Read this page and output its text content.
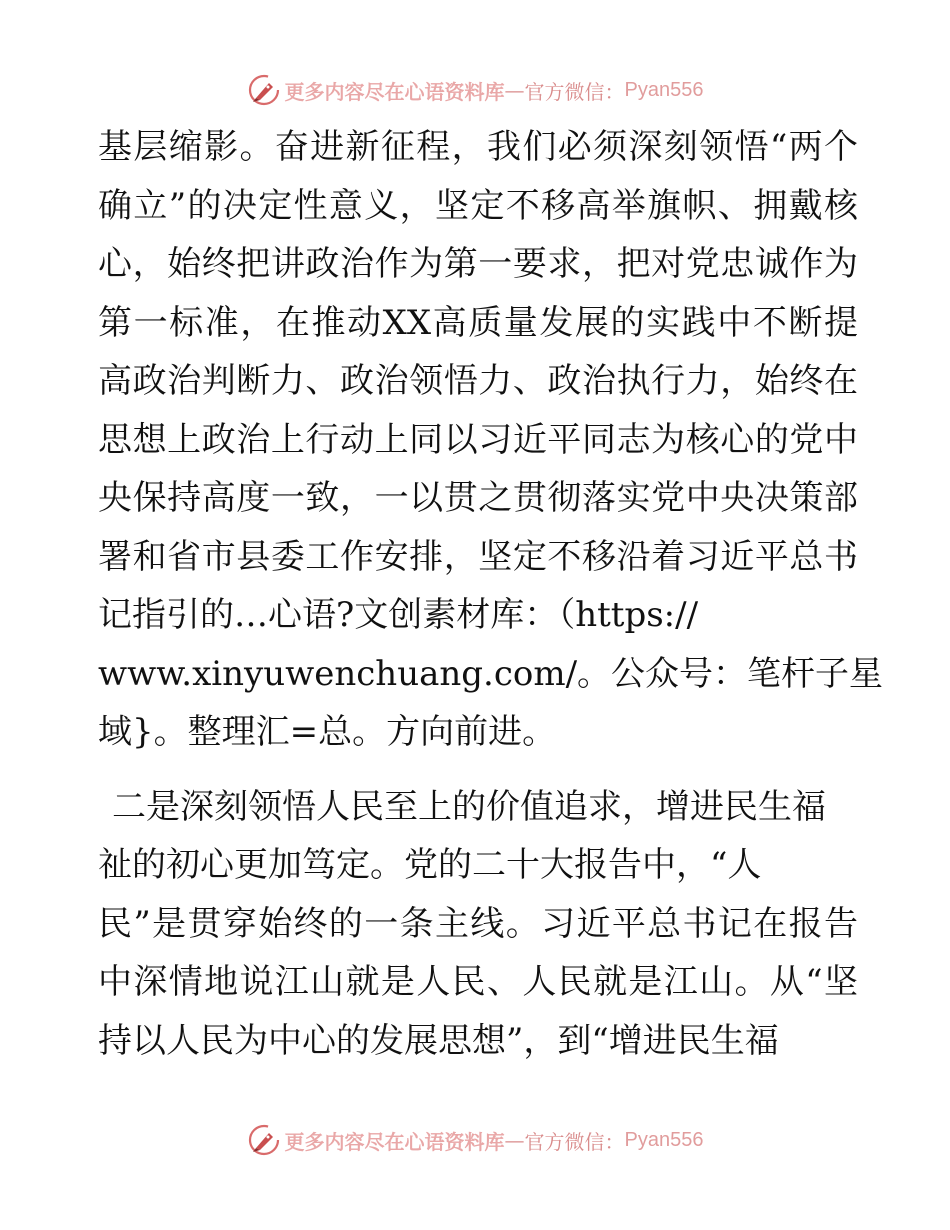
更多内容尽在心语资料库 — 官方微信： Pyan556
基层缩影。奋进新征程，我们必须深刻领悟“两个
确立”的决定性意义，坚定不移高举旗帜、拥戴核
心，始终把讲政治作为第一要求，把对党忠诚作为
第一标准，在推动XX高质量发展的实践中不断提
高政治判断力、政治领悟力、政治执行力，始终在
思想上政治上行动上同以习近平同志为核心的党中
央保持高度一致，一以贯之贯彻落实党中央决策部
署和省市县委工作安排，坚定不移沿着习近平总书
记指引的…心语?文创素材库：（https://
www.xinyuwenchuang.com/。公众号：笔杆子星
域}。整理汇=总。方向前进。
二是深刻领悟人民至上的价值追求，增进民生福
祉的初心更加笃定。党的二十大报告中，“人
民”是贯穿始终的一条主线。习近平总书记在报告
中深情地说江山就是人民、人民就是江山。从“坚
持以人民为中心的发展思想”，到“增进民生福
更多内容尽在心语资料库 — 官方微信： Pyan556
